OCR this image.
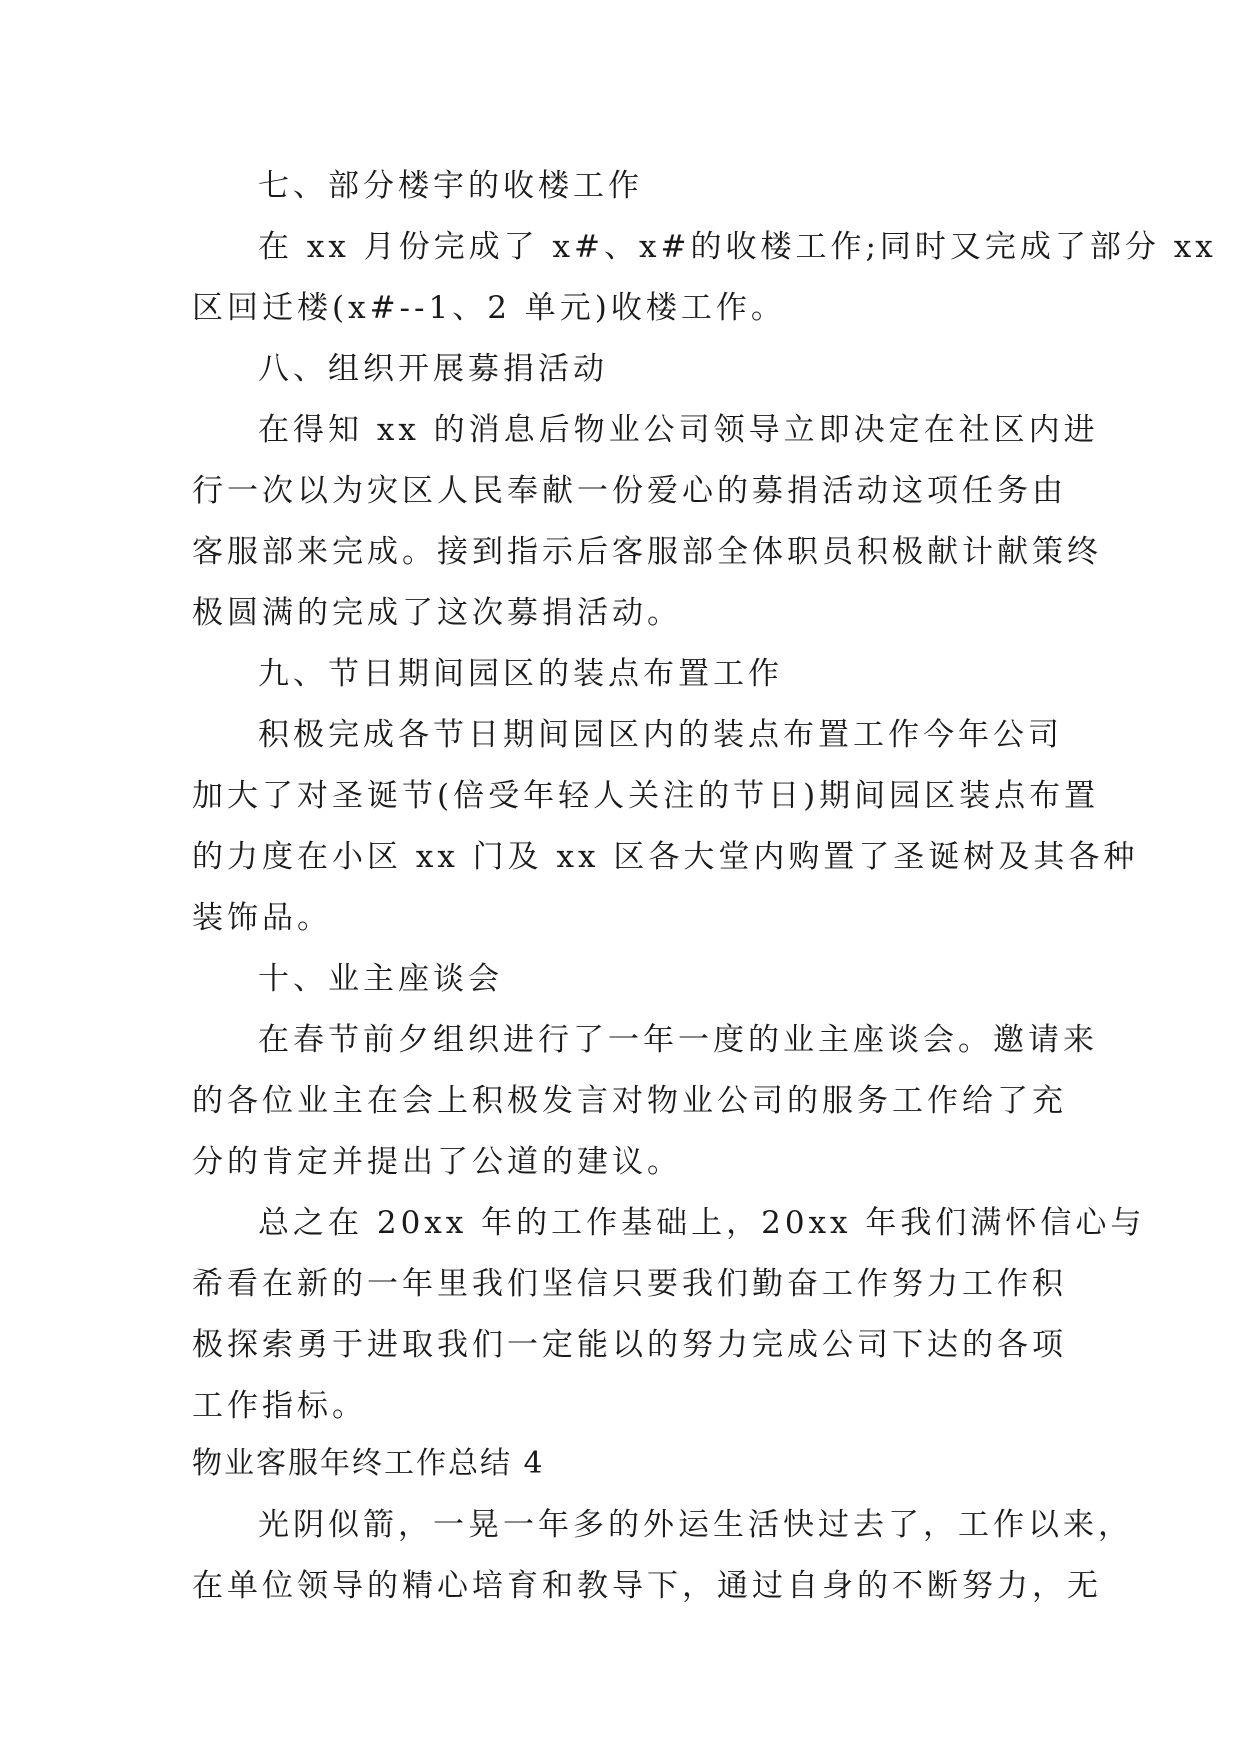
七、部分楼宇的收楼工作

在 xx 月份完成了 x#、x#的收楼工作;同时又完成了部分 xx

区回迁楼(x#--1、2 单元)收楼工作。

八、组织开展募捐活动

在得知 xx 的消息后物业公司领导立即决定在社区内进

行一次以为灾区人民奉献一份爱心的募捐活动这项任务由

客服部来完成。接到指示后客服部全体职员积极献计献策终

极圆满的完成了这次募捐活动。

九、节日期间园区的装点布置工作

积极完成各节日期间园区内的装点布置工作今年公司

加大了对圣诞节(倍受年轻人关注的节日)期间园区装点布置

的力度在小区 xx 门及 xx 区各大堂内购置了圣诞树及其各种

装饰品。

十、业主座谈会

在春节前夕组织进行了一年一度的业主座谈会。邀请来

的各位业主在会上积极发言对物业公司的服务工作给了充

分的肯定并提出了公道的建议。

总之在 20xx 年的工作基础上，20xx 年我们满怀信心与

希看在新的一年里我们坚信只要我们勤奋工作努力工作积

极探索勇于进取我们一定能以的努力完成公司下达的各项

工作指标。

物业客服年终工作总结 4

光阴似箭，一晃一年多的外运生活快过去了，工作以来，

在单位领导的精心培育和教导下，通过自身的不断努力，无
